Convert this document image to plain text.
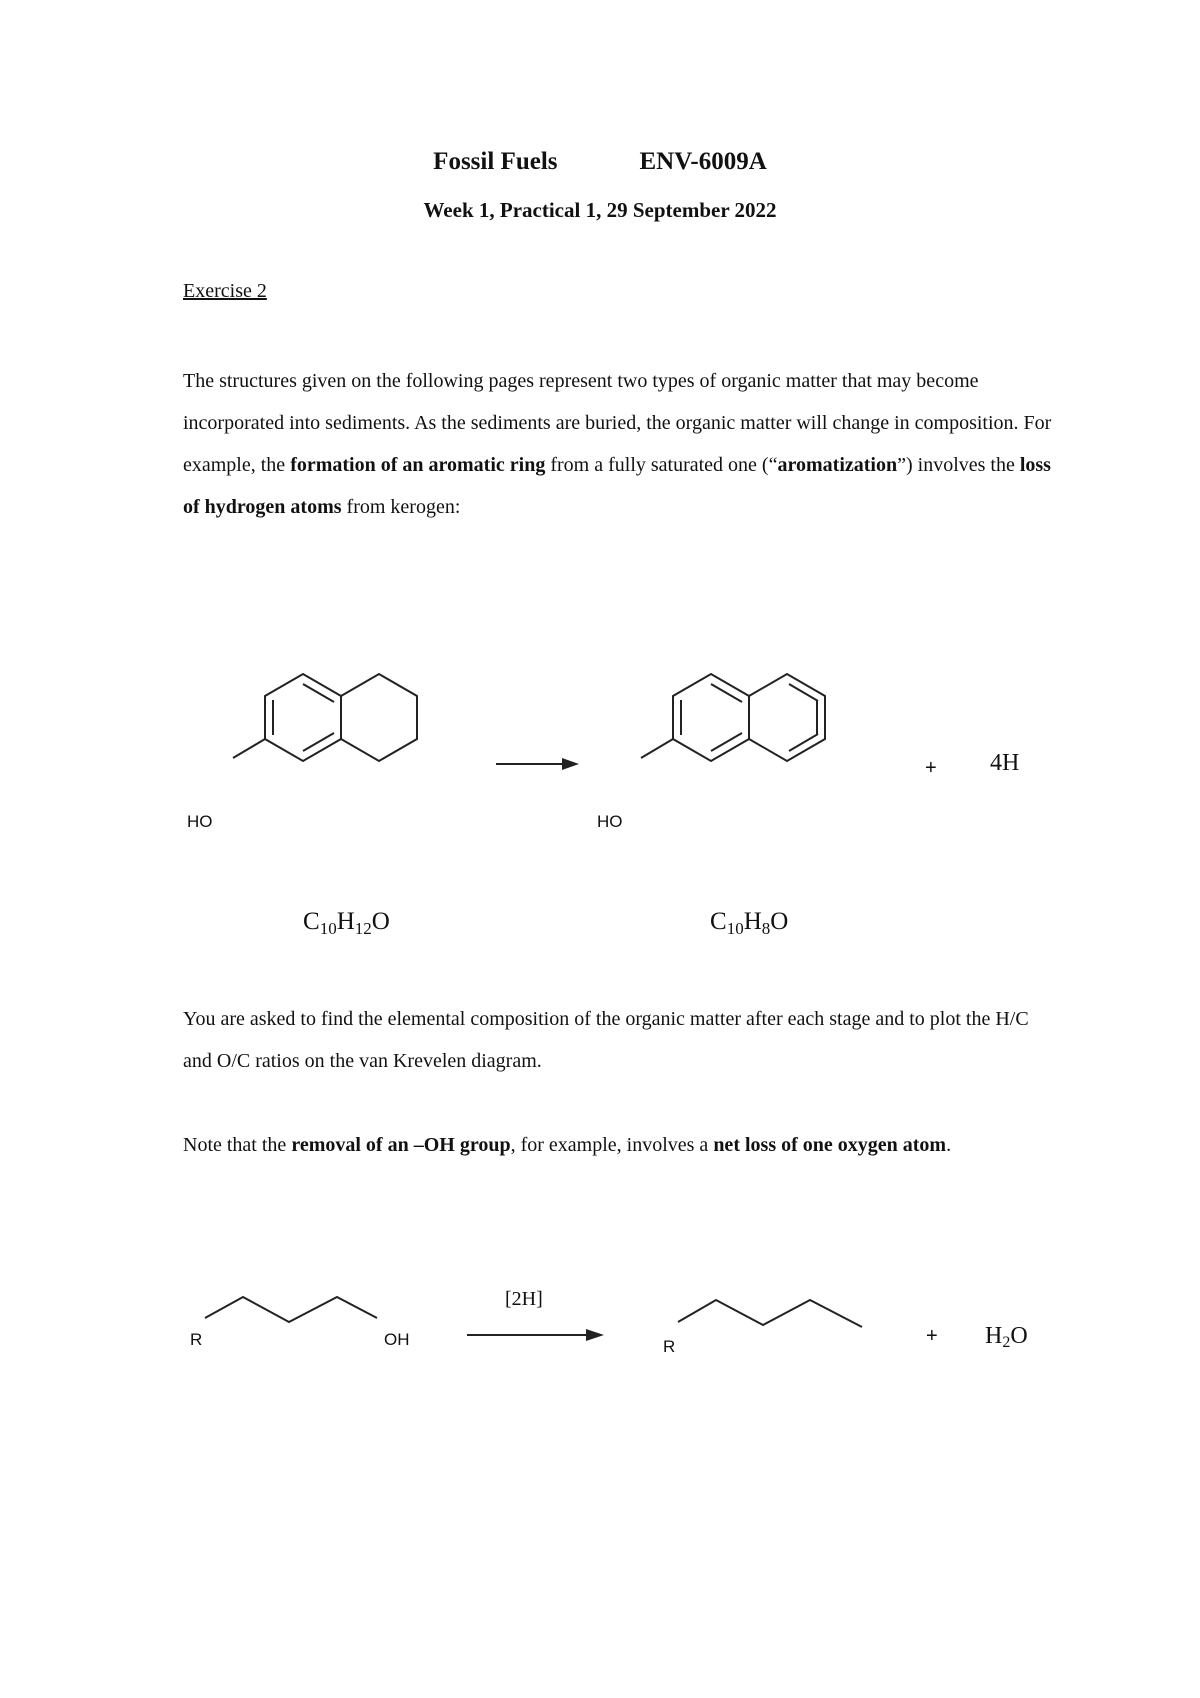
Fossil Fuels	ENV-6009A
Week 1, Practical 1, 29 September 2022
Exercise 2
The structures given on the following pages represent two types of organic matter that may become incorporated into sediments. As the sediments are buried, the organic matter will change in composition. For example, the formation of an aromatic ring from a fully saturated one (“aromatization”) involves the loss of hydrogen atoms from kerogen:
HO	HO
+ 4H
$C_{10}H_{12}O$	$C_{10}H_8O$
You are asked to find the elemental composition of the organic matter after each stage and to plot the H/C and O/C ratios on the van Krevelen diagram.
Note that the removal of an –OH group, for example, involves a net loss of one oxygen atom.
R	OH
[2H]
R	+ $H_2O$
